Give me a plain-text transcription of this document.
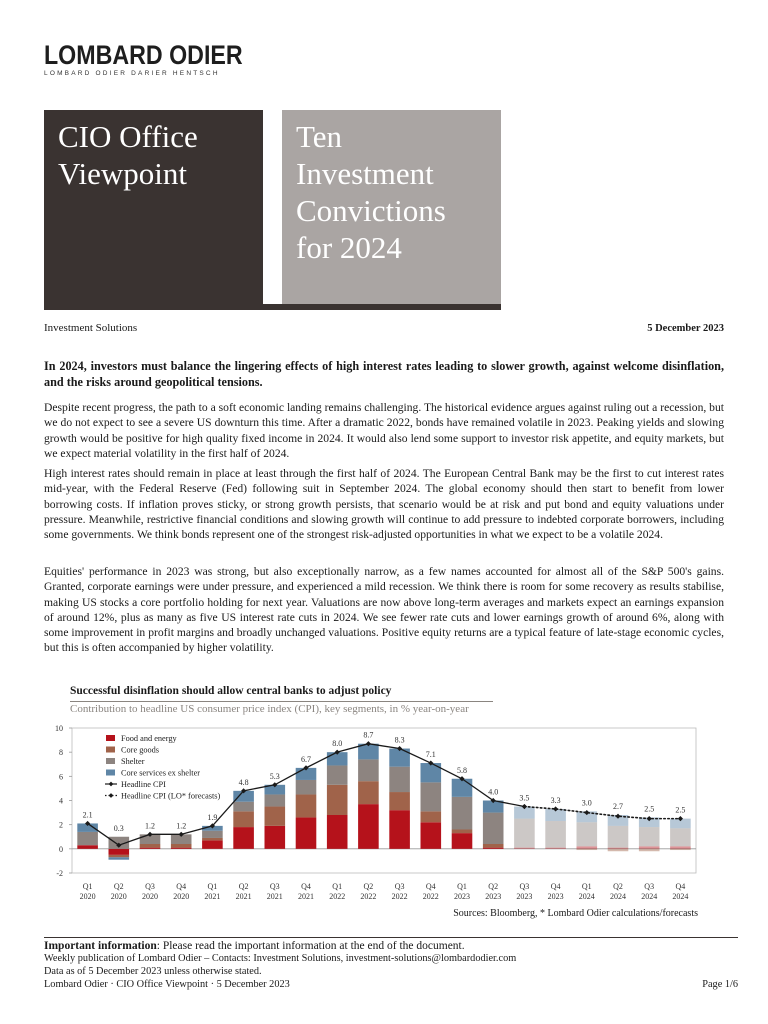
LOMBARD ODIER
LOMBARD ODIER DARIER HENTSCH
CIO Office
Viewpoint
Ten
Investment
Convictions
for 2024
Investment Solutions	5 December 2023
In 2024, investors must balance the lingering effects of high interest rates leading to slower growth, against welcome disinflation, and the risks around geopolitical tensions.
Despite recent progress, the path to a soft economic landing remains challenging. The historical evidence argues against ruling out a recession, but we do not expect to see a severe US downturn this time. After a dramatic 2022, bonds have remained volatile in 2023. Peaking yields and slowing growth would be positive for high quality fixed income in 2024. It would also lend some support to investor risk appetite, and equity markets, but we expect material volatility in the first half of 2024.
High interest rates should remain in place at least through the first half of 2024. The European Central Bank may be the first to cut interest rates mid-year, with the Federal Reserve (Fed) following suit in September 2024. The global economy should then start to benefit from lower borrowing costs. If inflation proves sticky, or strong growth persists, that scenario would be at risk and put bond and equity valuations under pressure. Meanwhile, restrictive financial conditions and slowing growth will continue to add pressure to indebted corporate borrowers, including some governments. We think bonds represent one of the strongest risk-adjusted opportunities in what we expect to be a volatile 2024.
Equities' performance in 2023 was strong, but also exceptionally narrow, as a few names accounted for almost all of the S&P 500's gains. Granted, corporate earnings were under pressure, and experienced a mild recession. We think there is room for some recovery as results stabilise, making US stocks a core portfolio holding for next year. Valuations are now above long-term averages and markets expect an earnings expansion of around 12%, plus as many as five US interest rate cuts in 2024. We see fewer rate cuts and lower earnings growth of around 6%, along with some improvement in profit margins and broadly unchanged valuations. Positive equity returns are a typical feature of late-stage economic cycles, but this is often accompanied by higher volatility.
Successful disinflation should allow central banks to adjust policy
Contribution to headline US consumer price index (CPI), key segments, in % year-on-year
-2
0
2
4
6
8
10
Q1
2020
Q2
2020
Q3
2020
Q4
2020
Q1
2021
Q2
2021
Q3
2021
Q4
2021
Q1
2022
Q2
2022
Q3
2022
Q4
2022
Q1
2023
Q2
2023
Q3
2023
Q4
2023
Q1
2024
Q2
2024
Q3
2024
Q4
2024
2.1
0.3	1.2	1.2
1.9
4.8
5.3
6.7
8.0
8.7
8.3
7.1
5.8
4.0
3.5	3.3	3.0	2.7	2.5	2.5
Food and energy
Core goods
Shelter
Core services ex shelter
Headline CPI
Headline CPI (LO* forecasts)
Sources: Bloomberg, * Lombard Odier calculations/forecasts
Important information: Please read the important information at the end of the document.
Weekly publication of Lombard Odier – Contacts: Investment Solutions, investment-solutions@lombardodier.com
Data as of 5 December 2023 unless otherwise stated.
Lombard Odier · CIO Office Viewpoint · 5 December 2023	Page 1/6
